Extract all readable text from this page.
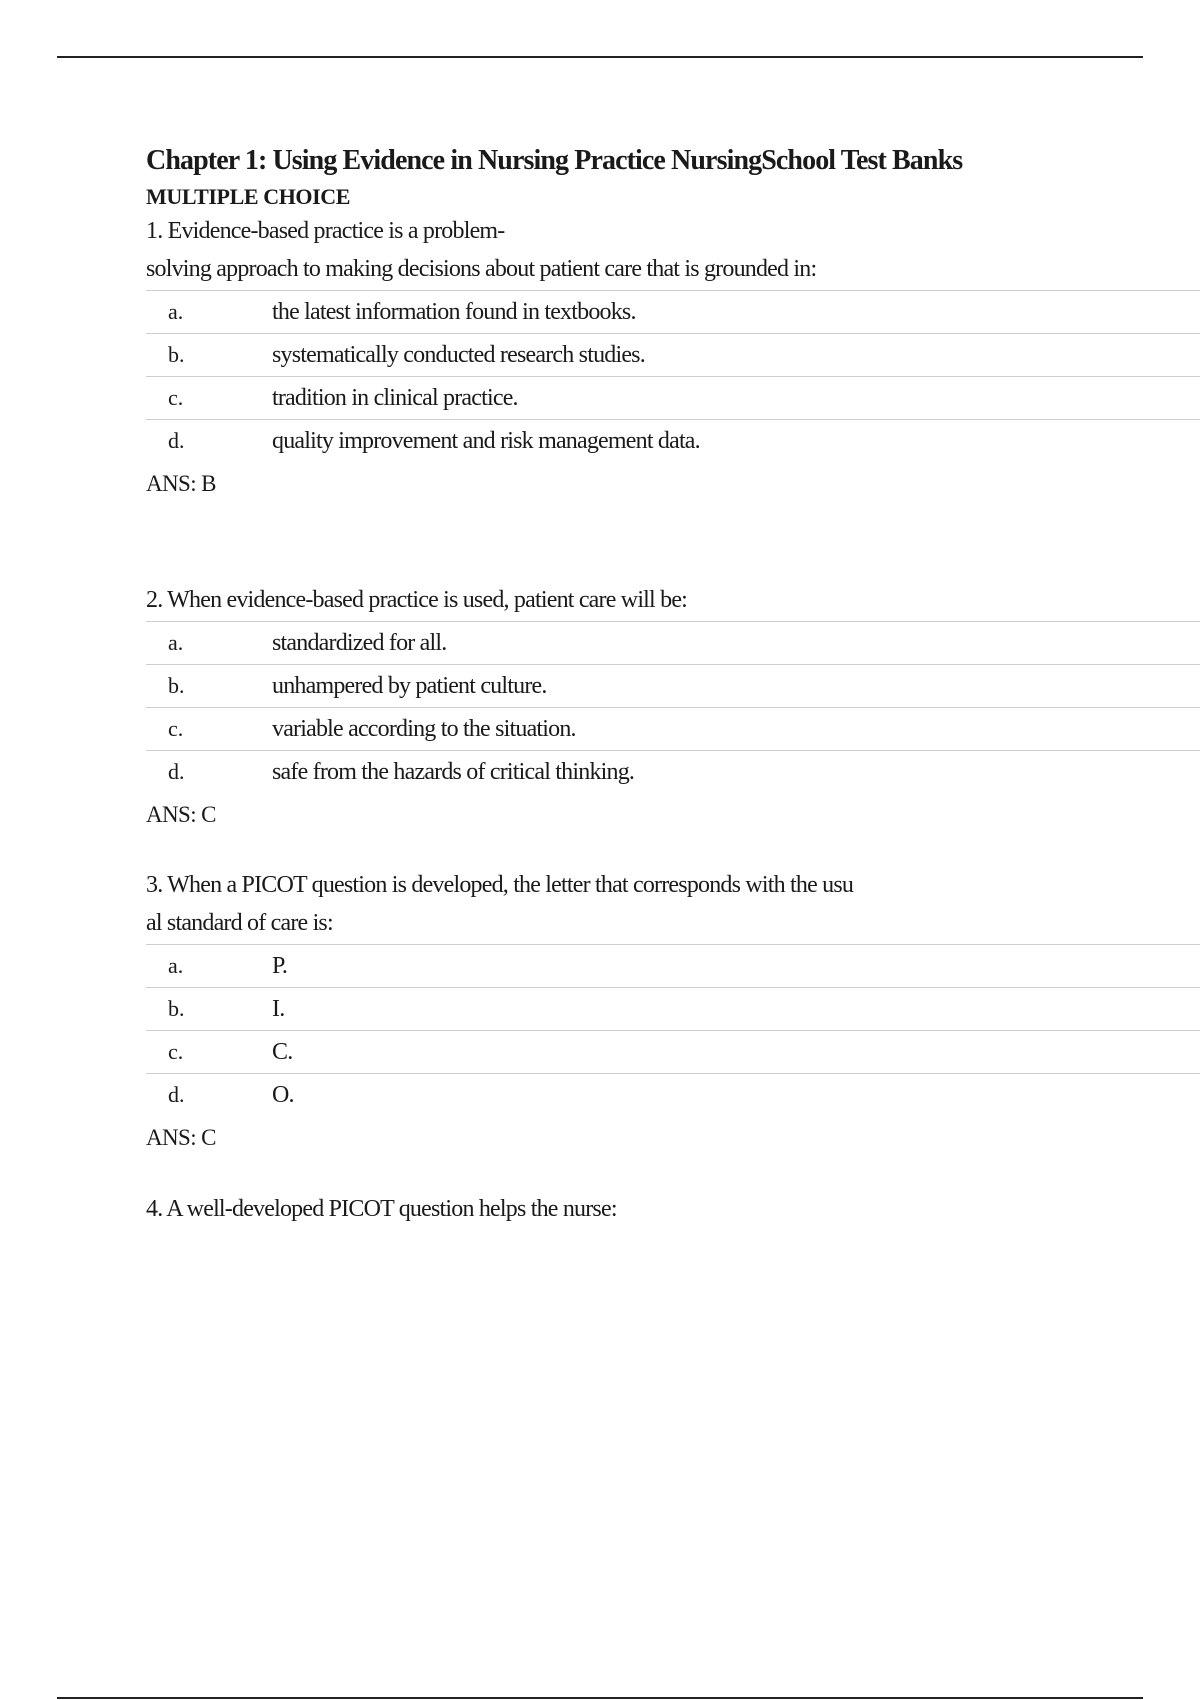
Chapter 1: Using Evidence in Nursing Practice NursingSchool Test Banks
MULTIPLE CHOICE
1. Evidence-based practice is a problem-
solving approach to making decisions about patient care that is grounded in:
a.	the latest information found in textbooks.
b.	systematically conducted research studies.
c.	tradition in clinical practice.
d.	quality improvement and risk management data.
ANS: B
2. When evidence-based practice is used, patient care will be:
a.	standardized for all.
b.	unhampered by patient culture.
c.	variable according to the situation.
d.	safe from the hazards of critical thinking.
ANS: C
3. When a PICOT question is developed, the letter that corresponds with the usu
al standard of care is:
a.	P.
b.	I.
c.	C.
d.	O.
ANS: C
4. A well-developed PICOT question helps the nurse:
